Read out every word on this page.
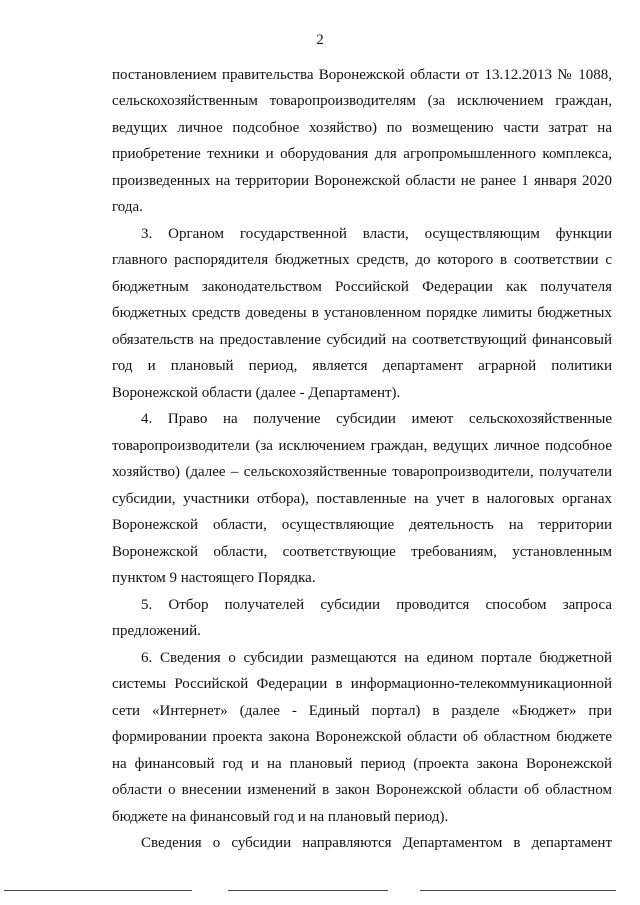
2
постановлением правительства Воронежской области от 13.12.2013 № 1088,
сельскохозяйственным товаропроизводителям (за исключением граждан,
ведущих личное подсобное хозяйство) по возмещению части затрат на
приобретение техники и оборудования для агропромышленного комплекса,
произведенных на территории Воронежской области не ранее 1 января 2020
года.
3. Органом государственной власти, осуществляющим функции
главного распорядителя бюджетных средств, до которого в соответствии с
бюджетным законодательством Российской Федерации как получателя
бюджетных средств доведены в установленном порядке лимиты бюджетных
обязательств на предоставление субсидий на соответствующий финансовый
год и плановый период, является департамент аграрной политики
Воронежской области (далее - Департамент).
4. Право на получение субсидии имеют сельскохозяйственные
товаропроизводители (за исключением граждан, ведущих личное подсобное
хозяйство) (далее – сельскохозяйственные товаропроизводители, получатели
субсидии, участники отбора), поставленные на учет в налоговых органах
Воронежской области, осуществляющие деятельность на территории
Воронежской области, соответствующие требованиям, установленным
пунктом 9 настоящего Порядка.
5. Отбор получателей субсидии проводится способом запроса
предложений.
6. Сведения о субсидии размещаются на едином портале бюджетной
системы Российской Федерации в информационно-телекоммуникационной
сети «Интернет» (далее - Единый портал) в разделе «Бюджет» при
формировании проекта закона Воронежской области об областном бюджете
на финансовый год и на плановый период (проекта закона Воронежской
области о внесении изменений в закон Воронежской области об областном
бюджете на финансовый год и на плановый период).
Сведения о субсидии направляются Департаментом в департамент
